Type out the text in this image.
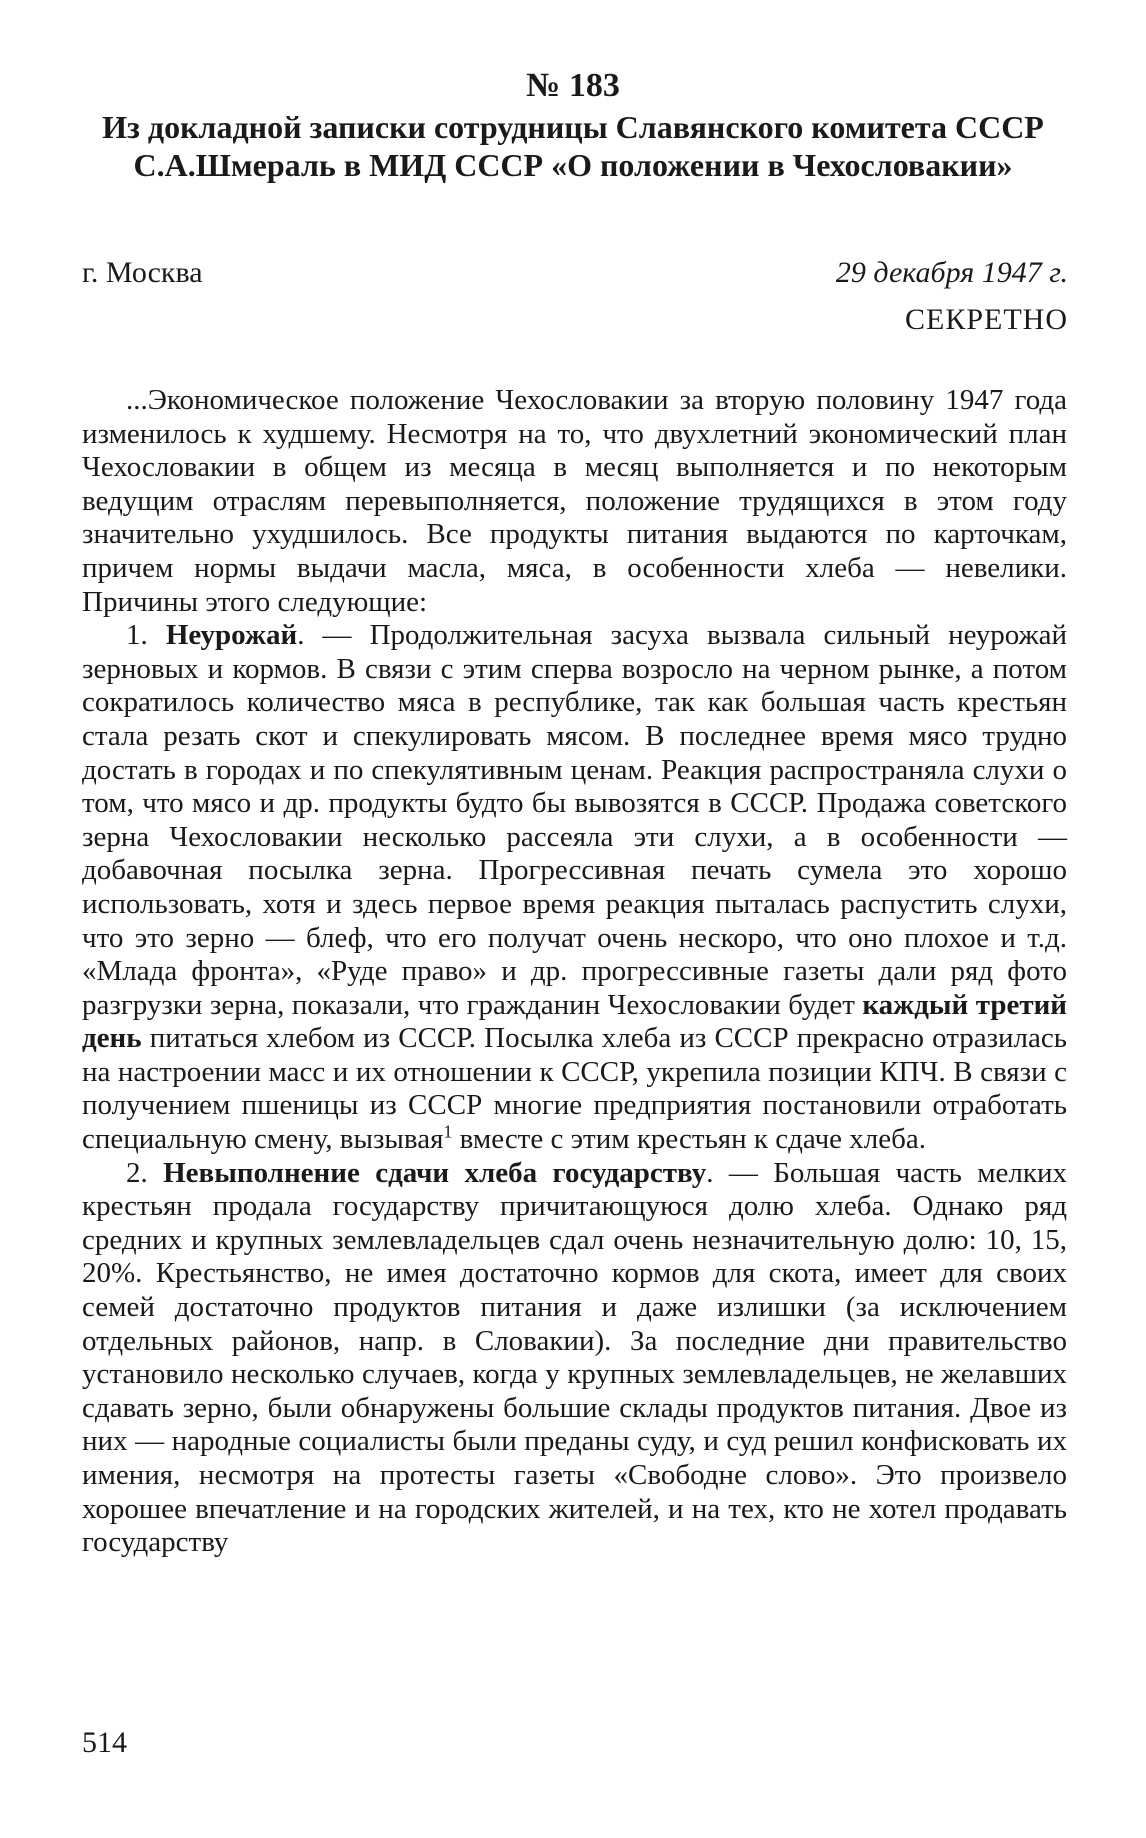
№ 183
Из докладной записки сотрудницы Славянского комитета СССР С.А.Шмераль в МИД СССР «О положении в Чехословакии»
г. Москва	29 декабря 1947 г.
СЕКРЕТНО

...Экономическое положение Чехословакии за вторую половину 1947 года изменилось к худшему. Несмотря на то, что двухлетний экономический план Чехословакии в общем из месяца в месяц выполняется и по некоторым ведущим отраслям перевыполняется, положение трудящихся в этом году значительно ухудшилось. Все продукты питания выдаются по карточкам, причем нормы выдачи масла, мяса, в особенности хлеба — невелики. Причины этого следующие:

1. Неурожай. — Продолжительная засуха вызвала сильный неурожай зерновых и кормов. В связи с этим сперва возросло на черном рынке, а потом сократилось количество мяса в республике, так как большая часть крестьян стала резать скот и спекулировать мясом. В последнее время мясо трудно достать в городах и по спекулятивным ценам. Реакция распространяла слухи о том, что мясо и др. продукты будто бы вывозятся в СССР. Продажа советского зерна Чехословакии несколько рассеяла эти слухи, а в особенности — добавочная посылка зерна. Прогрессивная печать сумела это хорошо использовать, хотя и здесь первое время реакция пыталась распустить слухи, что это зерно — блеф, что его получат очень нескоро, что оно плохое и т.д. «Млада фронта», «Руде право» и др. прогрессивные газеты дали ряд фото разгрузки зерна, показали, что гражданин Чехословакии будет каждый третий день питаться хлебом из СССР. Посылка хлеба из СССР прекрасно отразилась на настроении масс и их отношении к СССР, укрепила позиции КПЧ. В связи с получением пшеницы из СССР многие предприятия постановили отработать специальную смену, вызывая$^1$ вместе с этим крестьян к сдаче хлеба.

2. Невыполнение сдачи хлеба государству. — Большая часть мелких крестьян продала государству причитающуюся долю хлеба. Однако ряд средних и крупных землевладельцев сдал очень незначительную долю: 10, 15, 20%. Крестьянство, не имея достаточно кормов для скота, имеет для своих семей достаточно продуктов питания и даже излишки (за исключением отдельных районов, напр. в Словакии). За последние дни правительство установило несколько случаев, когда у крупных землевладельцев, не желавших сдавать зерно, были обнаружены большие склады продуктов питания. Двое из них — народные социалисты были преданы суду, и суд решил конфисковать их имения, несмотря на протесты газеты «Свободне слово». Это произвело хорошее впечатление и на городских жителей, и на тех, кто не хотел продавать государству

514
